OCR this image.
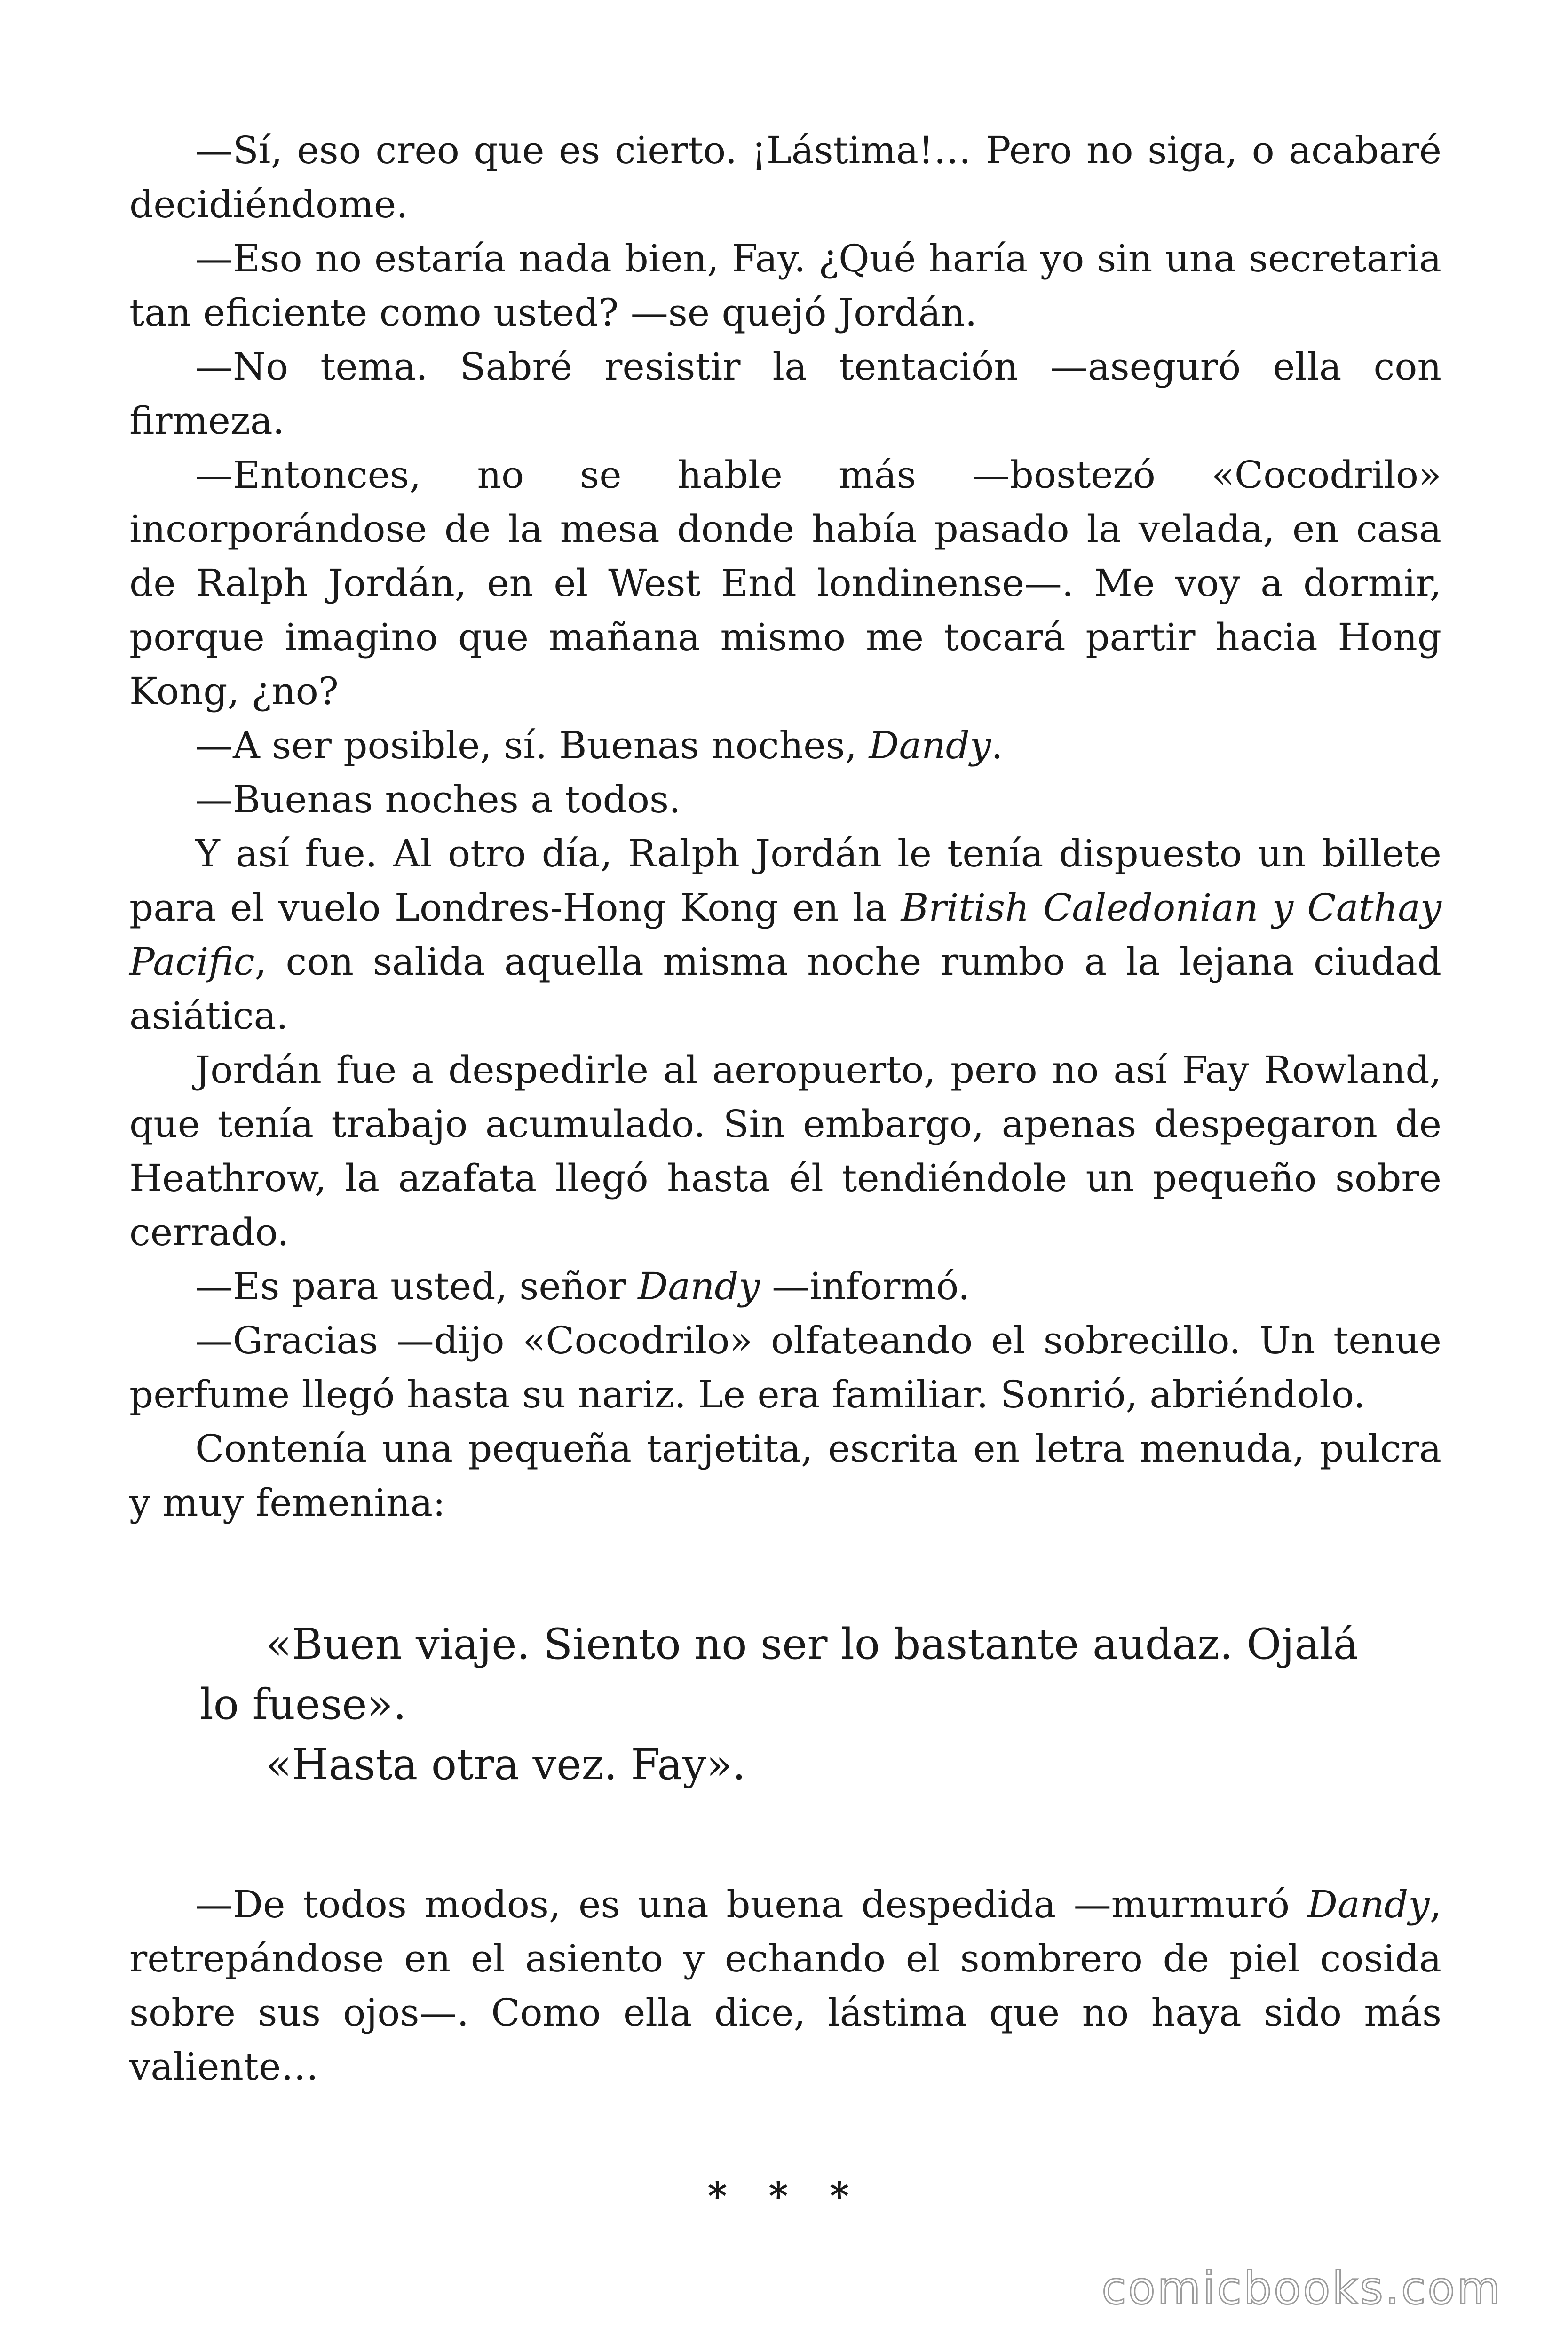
—Sí, eso creo que es cierto. ¡Lástima!… Pero no siga, o acabaré decidiéndome.

—Eso no estaría nada bien, Fay. ¿Qué haría yo sin una secretaria tan eficiente como usted? —se quejó Jordán.

—No tema. Sabré resistir la tentación —aseguró ella con firmeza.

—Entonces, no se hable más —bostezó «Cocodrilo» incorporándose de la mesa donde había pasado la velada, en casa de Ralph Jordán, en el West End londinense—. Me voy a dormir, porque imagino que mañana mismo me tocará partir hacia Hong Kong, ¿no?

—A ser posible, sí. Buenas noches, Dandy.

—Buenas noches a todos.

Y así fue. Al otro día, Ralph Jordán le tenía dispuesto un billete para el vuelo Londres-Hong Kong en la British Caledonian y Cathay Pacific, con salida aquella misma noche rumbo a la lejana ciudad asiática.

Jordán fue a despedirle al aeropuerto, pero no así Fay Rowland, que tenía trabajo acumulado. Sin embargo, apenas despegaron de Heathrow, la azafata llegó hasta él tendiéndole un pequeño sobre cerrado.

—Es para usted, señor Dandy —informó.

—Gracias —dijo «Cocodrilo» olfateando el sobrecillo. Un tenue perfume llegó hasta su nariz. Le era familiar. Sonrió, abriéndolo.

Contenía una pequeña tarjetita, escrita en letra menuda, pulcra y muy femenina:

«Buen viaje. Siento no ser lo bastante audaz. Ojalá lo fuese».

«Hasta otra vez. Fay».

—De todos modos, es una buena despedida —murmuró Dandy, retrepándose en el asiento y echando el sombrero de piel cosida sobre sus ojos—. Como ella dice, lástima que no haya sido más valiente…

* * *
comicbooks.com
